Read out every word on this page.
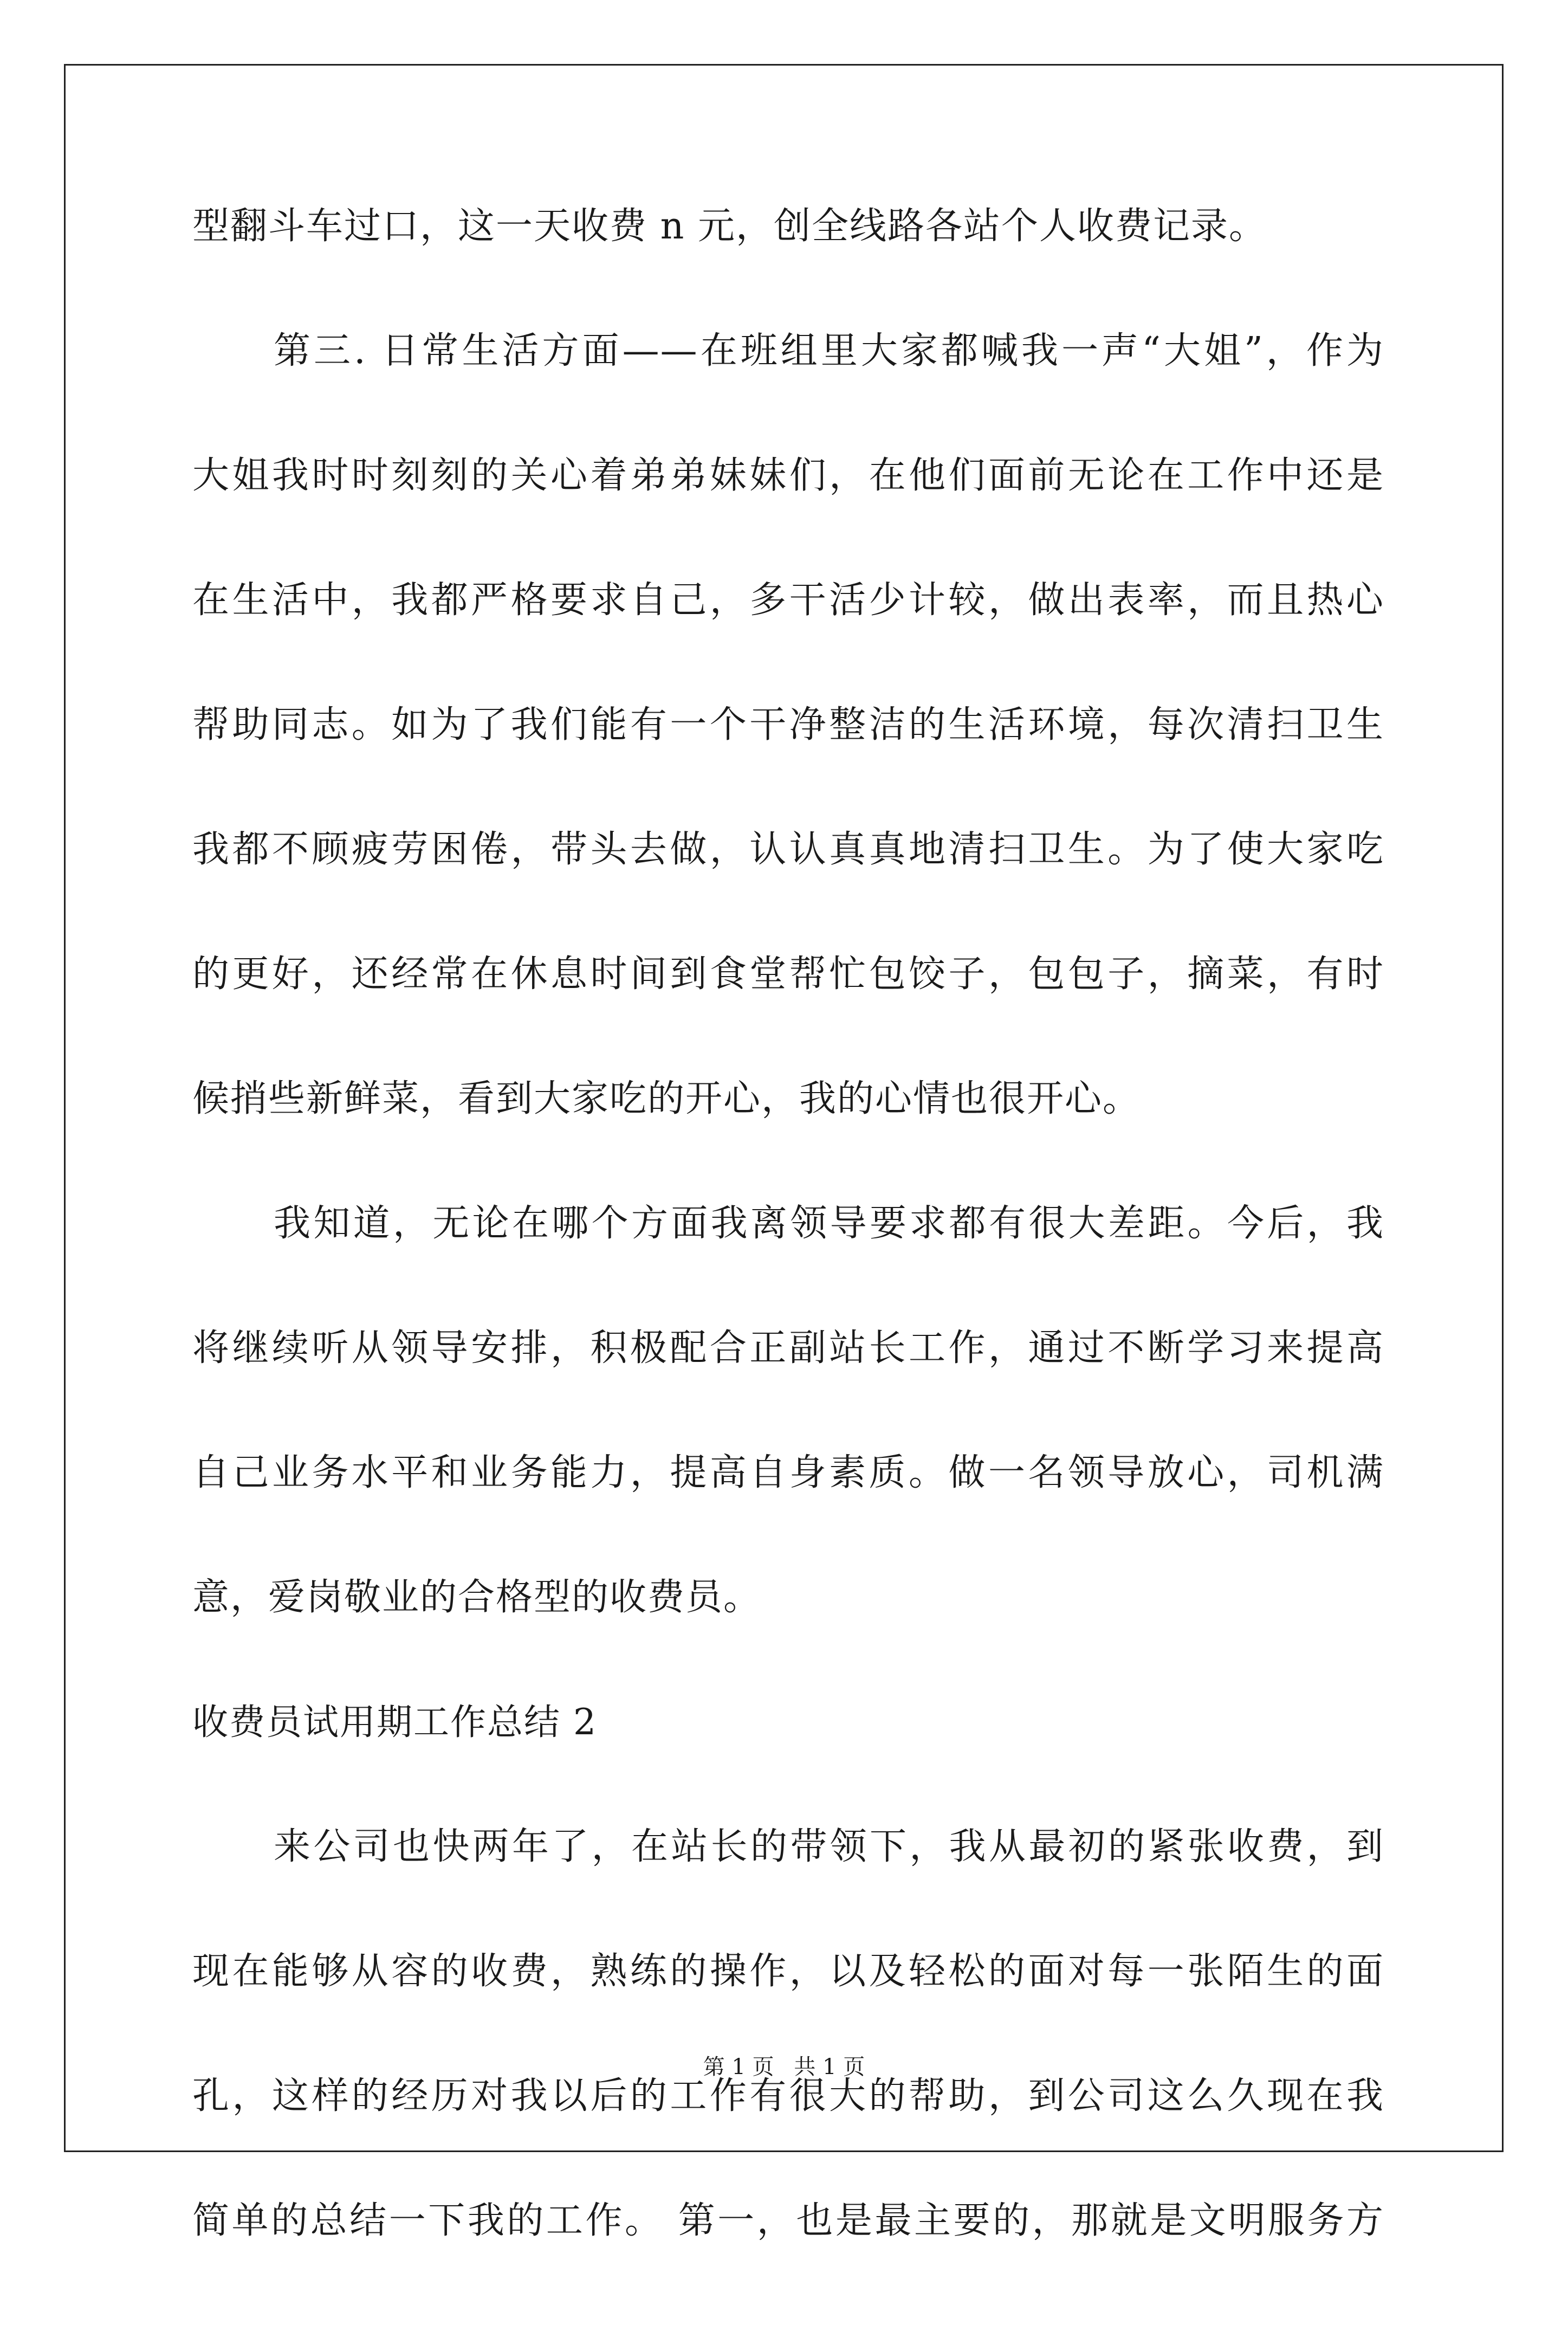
型翻斗车过口，这一天收费 n 元，创全线路各站个人收费记录。
第三. 日常生活方面——在班组里大家都喊我一声“大姐”，作为
大姐我时时刻刻的关心着弟弟妹妹们，在他们面前无论在工作中还是
在生活中，我都严格要求自己，多干活少计较，做出表率，而且热心
帮助同志。如为了我们能有一个干净整洁的生活环境，每次清扫卫生
我都不顾疲劳困倦，带头去做，认认真真地清扫卫生。为了使大家吃
的更好，还经常在休息时间到食堂帮忙包饺子，包包子，摘菜，有时
候捎些新鲜菜，看到大家吃的开心，我的心情也很开心。
我知道，无论在哪个方面我离领导要求都有很大差距。今后，我
将继续听从领导安排，积极配合正副站长工作，通过不断学习来提高
自己业务水平和业务能力，提高自身素质。做一名领导放心，司机满
意，爱岗敬业的合格型的收费员。
收费员试用期工作总结 2
来公司也快两年了，在站长的带领下，我从最初的紧张收费，到
现在能够从容的收费，熟练的操作，以及轻松的面对每一张陌生的面
孔，这样的经历对我以后的工作有很大的帮助，到公司这么久现在我
简单的总结一下我的工作。 第一，也是最主要的，那就是文明服务方
第 1 页 共 1 页
